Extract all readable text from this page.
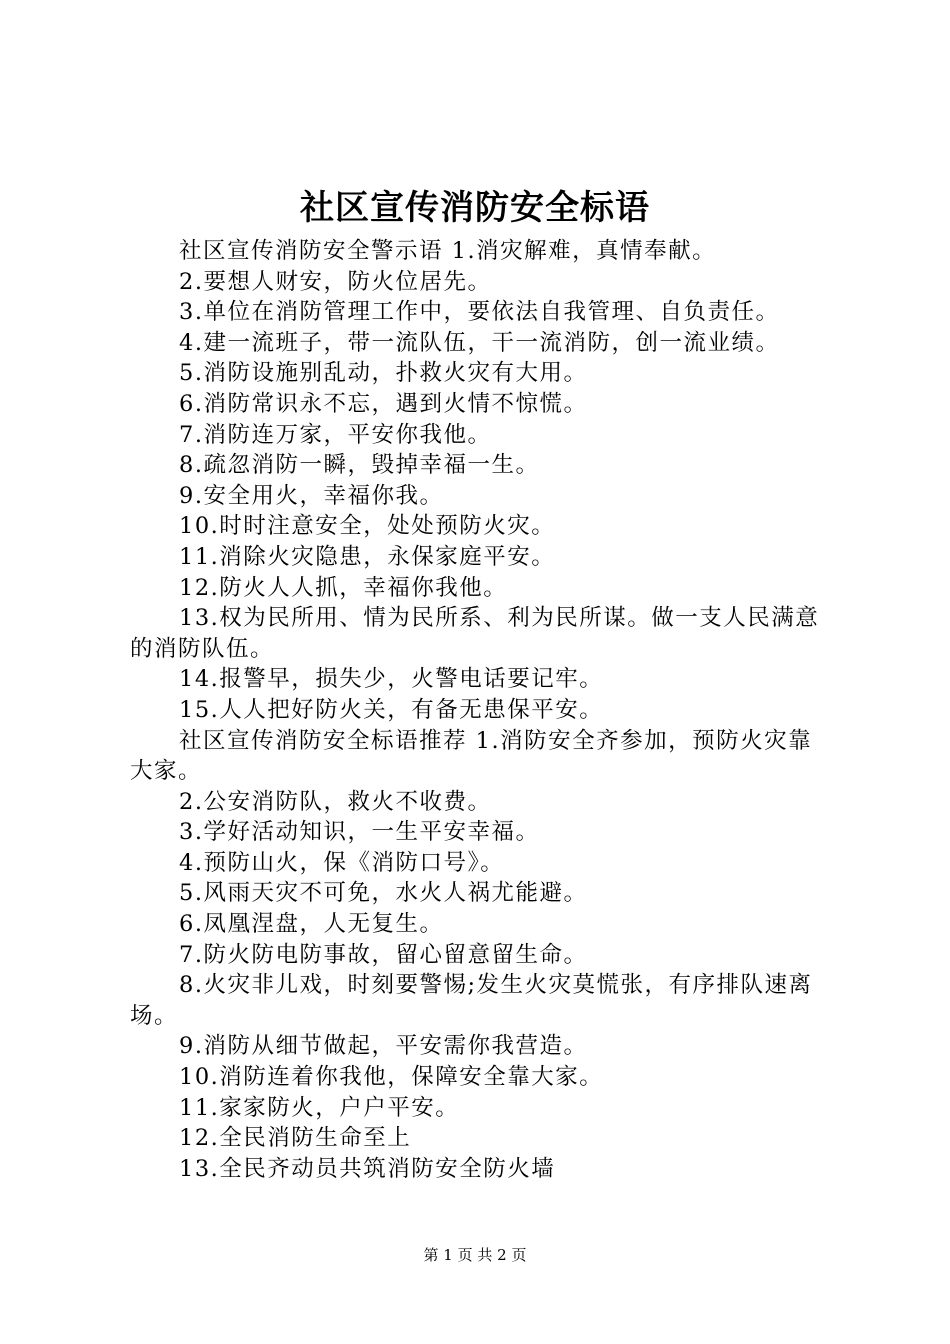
社区宣传消防安全标语

社区宣传消防安全警示语 1.消灾解难，真情奉献。

2.要想人财安，防火位居先。

3.单位在消防管理工作中，要依法自我管理、自负责任。

4.建一流班子，带一流队伍，干一流消防，创一流业绩。

5.消防设施别乱动，扑救火灾有大用。

6.消防常识永不忘，遇到火情不惊慌。

7.消防连万家，平安你我他。

8.疏忽消防一瞬，毁掉幸福一生。

9.安全用火，幸福你我。

10.时时注意安全，处处预防火灾。

11.消除火灾隐患，永保家庭平安。

12.防火人人抓，幸福你我他。

13.权为民所用、情为民所系、利为民所谋。做一支人民满意的消防队伍。

14.报警早，损失少，火警电话要记牢。

15.人人把好防火关，有备无患保平安。

社区宣传消防安全标语推荐 1.消防安全齐参加，预防火灾靠大家。

2.公安消防队，救火不收费。

3.学好活动知识，一生平安幸福。

4.预防山火，保《消防口号》。

5.风雨天灾不可免，水火人祸尤能避。

6.凤凰涅盘，人无复生。

7.防火防电防事故，留心留意留生命。

8.火灾非儿戏，时刻要警惕;发生火灾莫慌张，有序排队速离场。

9.消防从细节做起，平安需你我营造。

10.消防连着你我他，保障安全靠大家。

11.家家防火，户户平安。

12.全民消防生命至上

13.全民齐动员共筑消防安全防火墙

第 1 页 共 2 页
